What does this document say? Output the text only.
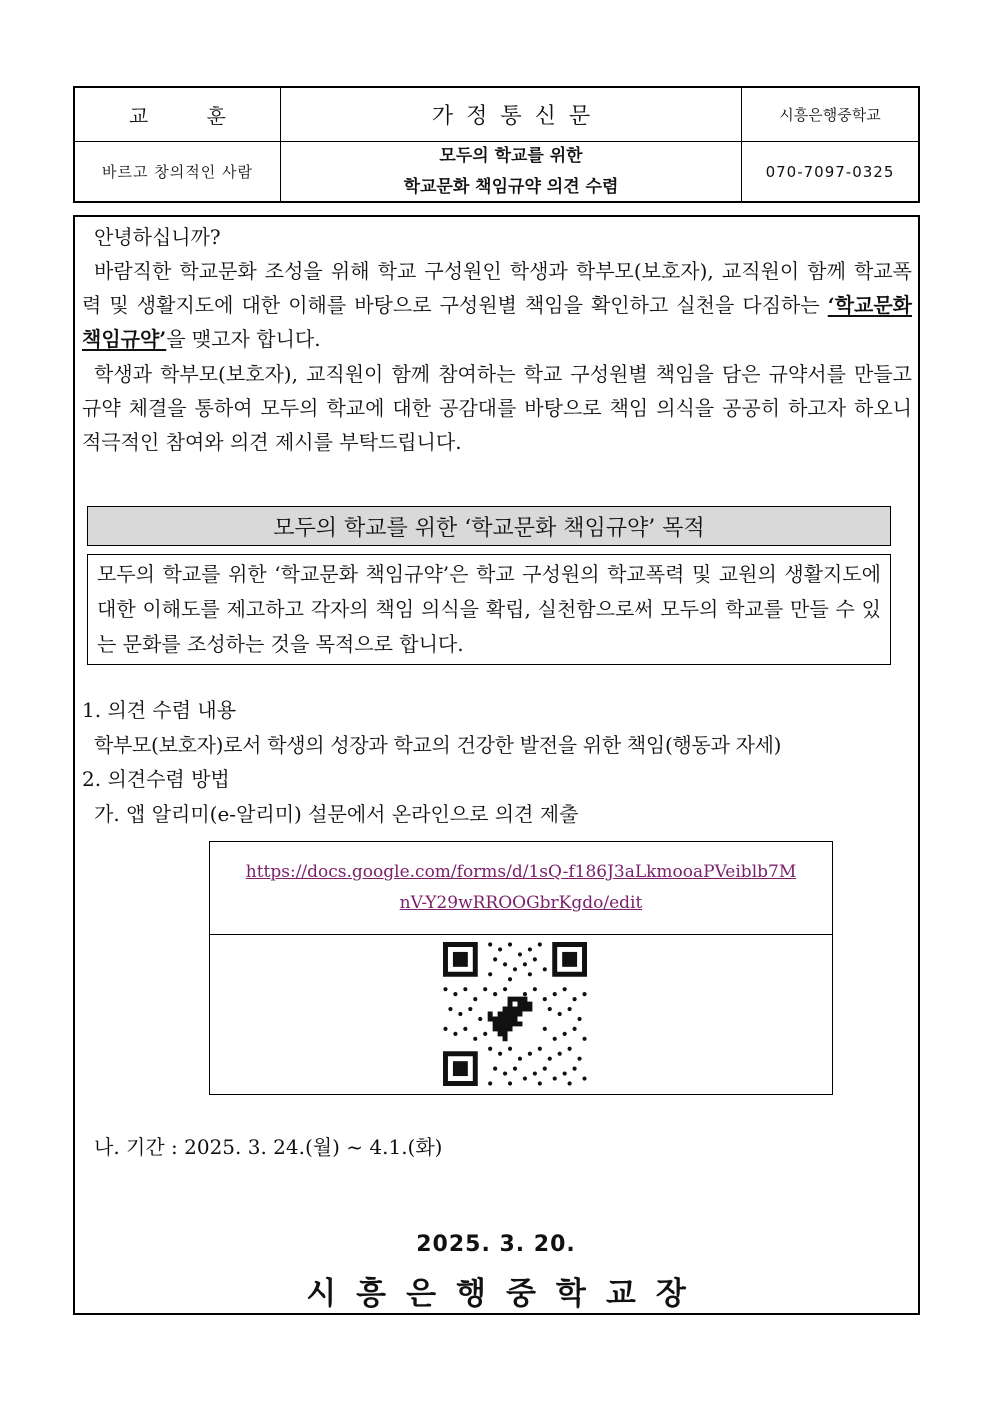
교 훈	가정통신문	시흥은행중학교
바르고 창의적인 사람
모두의 학교를 위한
학교문화 책임규약 의견 수렴
070-7097-0325

안녕하십니까?

바람직한 학교문화 조성을 위해 학교 구성원인 학생과 학부모(보호자), 교직원이 함께 학교폭력 및 생활지도에 대한 이해를 바탕으로 구성원별 책임을 확인하고 실천을 다짐하는 ‘학교문화 책임규약’을 맺고자 합니다.

학생과 학부모(보호자), 교직원이 함께 참여하는 학교 구성원별 책임을 담은 규약서를 만들고 규약 체결을 통하여 모두의 학교에 대한 공감대를 바탕으로 책임 의식을 공공히 하고자 하오니 적극적인 참여와 의견 제시를 부탁드립니다.

모두의 학교를 위한 ‘학교문화 책임규약’ 목적
모두의 학교를 위한 ‘학교문화 책임규약’은 학교 구성원의 학교폭력 및 교원의 생활지도에 대한 이해도를 제고하고 각자의 책임 의식을 확립, 실천함으로써 모두의 학교를 만들 수 있는 문화를 조성하는 것을 목적으로 합니다.
1. 의견 수렴 내용
학부모(보호자)로서 학생의 성장과 학교의 건강한 발전을 위한 책임(행동과 자세)
2. 의견수렴 방법
가. 앱 알리미(e-알리미) 설문에서 온라인으로 의견 제출
https://docs.google.com/forms/d/1sQ-f186J3aLkmooaPVeiblb7M
nV-Y29wRROOGbrKgdo/edit
나. 기간 : 2025. 3. 24.(월) ~ 4.1.(화)
2025. 3. 20.
시흥은행중학교장
